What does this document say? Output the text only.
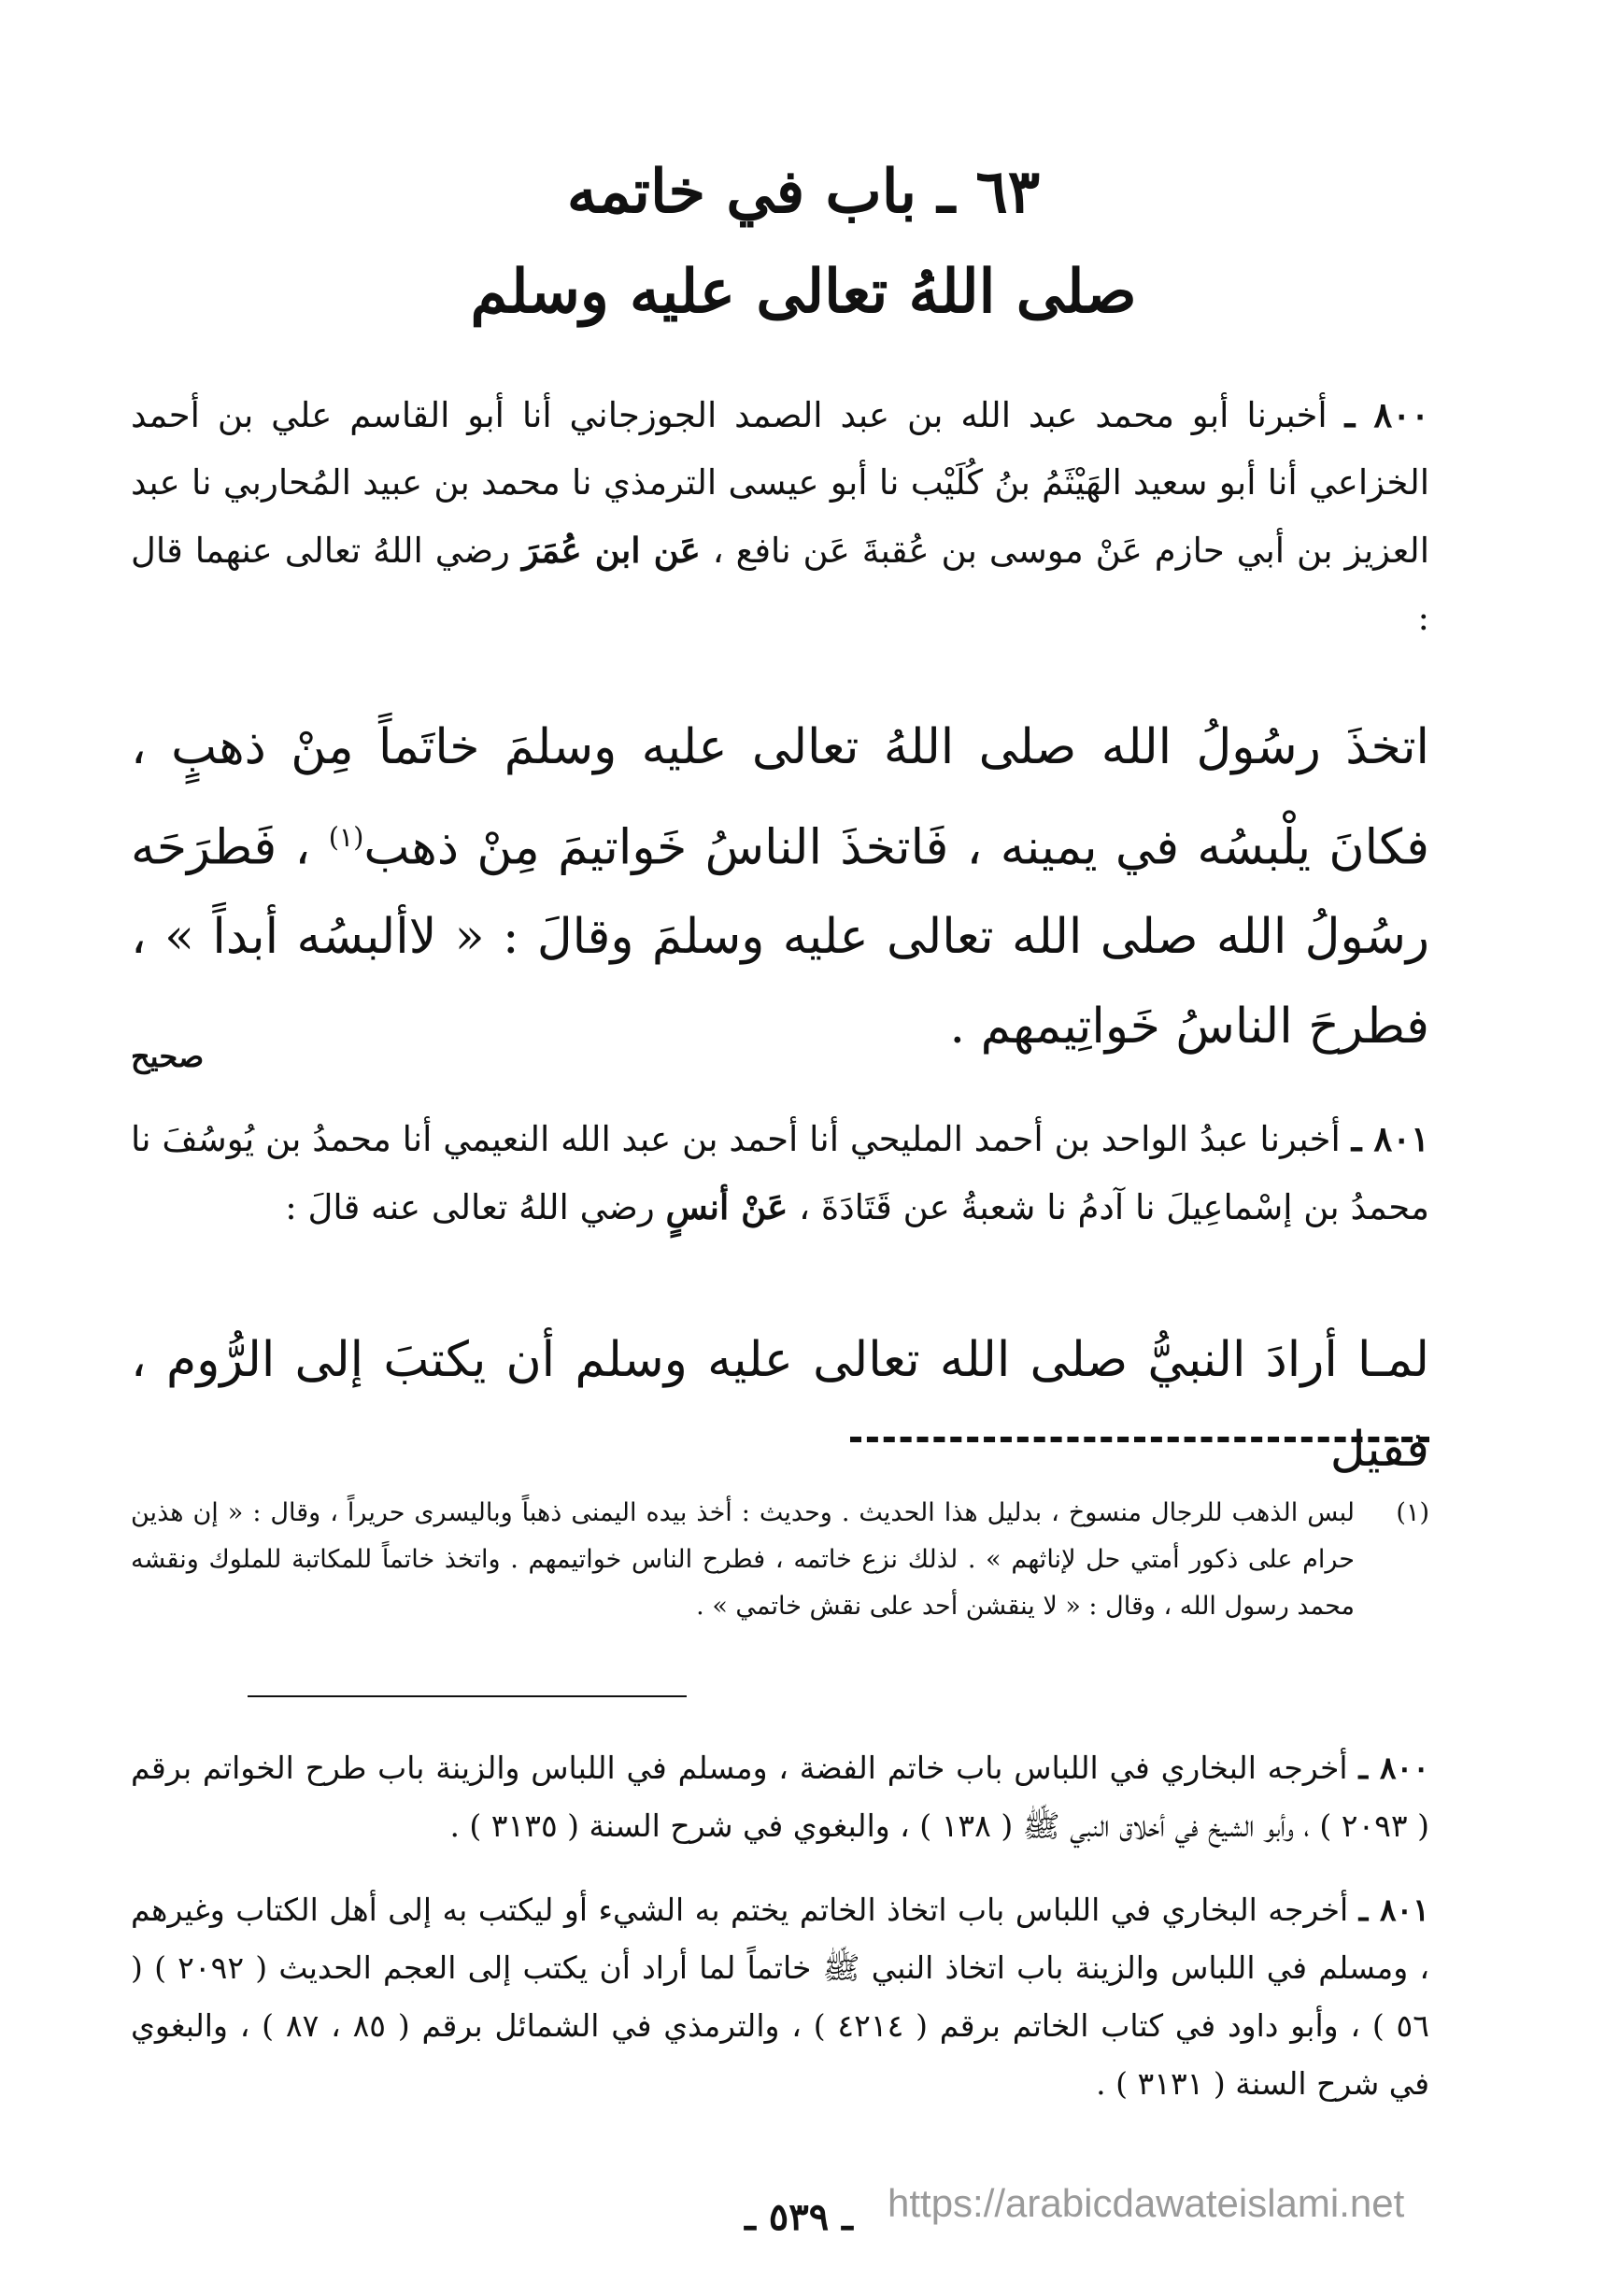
٦٣ ـ باب في خاتمه
صلى اللهُ تعالى عليه وسلم

٨٠٠ ـ أخبرنا أبو محمد عبد الله بن عبد الصمد الجوزجاني أنا أبو القاسم علي بن أحمد الخزاعي أنا أبو سعيد الهَيْثَمُ بنُ كُلَيْب نا أبو عيسى الترمذي نا محمد بن عبيد المُحاربي نا عبد العزيز بن أبي حازم عَنْ موسى بن عُقبةَ عَن نافع ، عَن ابن عُمَرَ رضي اللهُ تعالى عنهما قال :

اتخذَ رسُولُ الله صلى اللهُ تعالى عليه وسلمَ خاتَماً مِنْ ذهبٍ ، فكانَ يلْبسُه في يمينه ، فَاتخذَ الناسُ خَواتيمَ مِنْ ذهب$^{(١)}$ ، فَطرَحَه رسُولُ الله صلى الله تعالى عليه وسلمَ وقالَ : « لاألبسُه أبداً » ، فطرحَ الناسُ خَواتِيمهم .

صحيح

٨٠١ ـ أخبرنا عبدُ الواحد بن أحمد المليحي أنا أحمد بن عبد الله النعيمي أنا محمدُ بن يُوسُفَ نا محمدُ بن إسْماعِيلَ نا آدمُ نا شعبةُ عن قَتَادَةَ ، عَنْ أنسٍ رضي اللهُ تعالى عنه قالَ :

لمـا أرادَ النبيُّ صلى الله تعالى عليه وسلم أن يكتبَ إلى الرُّوم ، فقيل

(١)

لبس الذهب للرجال منسوخ ، بدليل هذا الحديث . وحديث : أخذ بيده اليمنى ذهباً وباليسرى حريراً ، وقال : « إن هذين حرام على ذكور أمتي حل لإناثهم » . لذلك نزع خاتمه ، فطرح الناس خواتيمهم . واتخذ خاتماً للمكاتبة للملوك ونقشه محمد رسول الله ، وقال : « لا ينقشن أحد على نقش خاتمي » .

٨٠٠ ـ أخرجه البخاري في اللباس باب خاتم الفضة ، ومسلم في اللباس والزينة باب طرح الخواتم برقم ( ٢٠٩٣ ) ، وأبو الشيخ في أخلاق النبي ﷺ ( ١٣٨ ) ، والبغوي في شرح السنة ( ٣١٣٥ ) .

٨٠١ ـ أخرجه البخاري في اللباس باب اتخاذ الخاتم يختم به الشيء أو ليكتب به إلى أهل الكتاب وغيرهم ، ومسلم في اللباس والزينة باب اتخاذ النبي ﷺ خاتماً لما أراد أن يكتب إلى العجم الحديث ( ٢٠٩٢ ) ( ٥٦ ) ، وأبو داود في كتاب الخاتم برقم ( ٤٢١٤ ) ، والترمذي في الشمائل برقم ( ٨٥ ، ٨٧ ) ، والبغوي في شرح السنة ( ٣١٣١ ) .

ـ ٥٣٩ ـ https://arabicdawateislami.net
